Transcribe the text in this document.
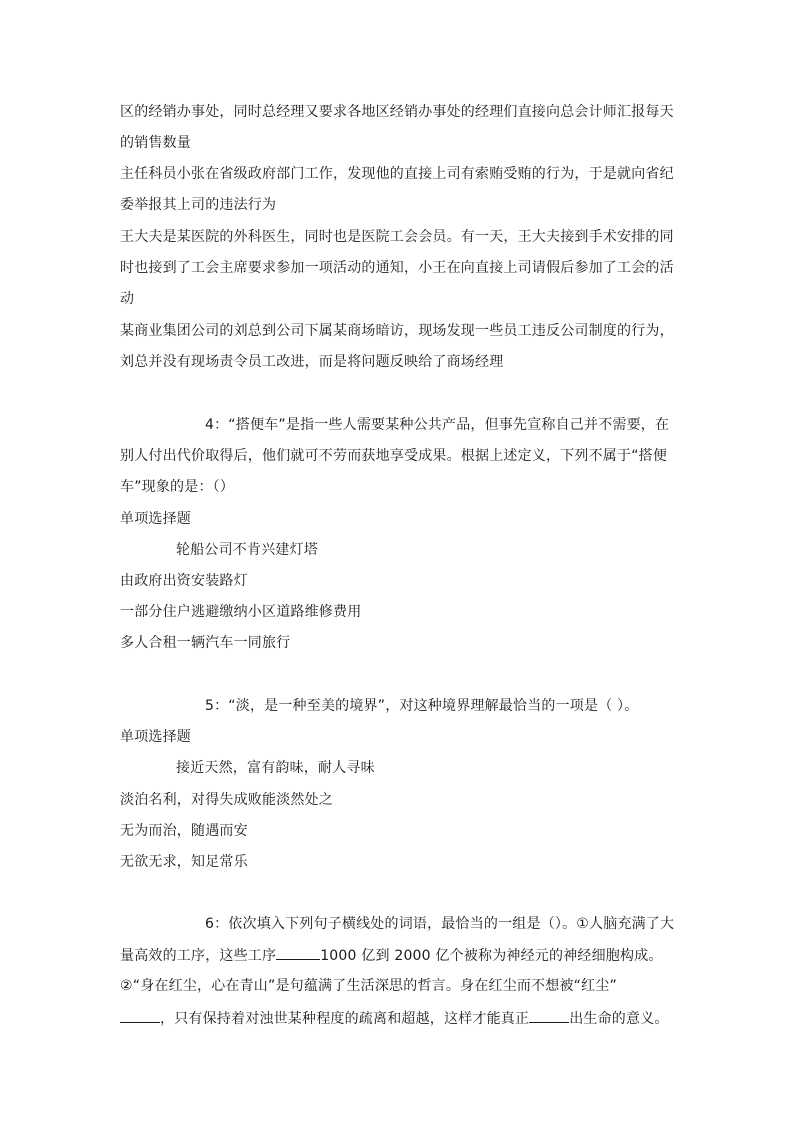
区的经销办事处，同时总经理又要求各地区经销办事处的经理们直接向总会计师汇报每天
的销售数量
主任科员小张在省级政府部门工作，发现他的直接上司有索贿受贿的行为，于是就向省纪
委举报其上司的违法行为
王大夫是某医院的外科医生，同时也是医院工会会员。有一天，王大夫接到手术安排的同
时也接到了工会主席要求参加一项活动的通知，小王在向直接上司请假后参加了工会的活
动
某商业集团公司的刘总到公司下属某商场暗访，现场发现一些员工违反公司制度的行为，
刘总并没有现场责令员工改进，而是将问题反映给了商场经理
4：“搭便车”是指一些人需要某种公共产品，但事先宣称自己并不需要，在
别人付出代价取得后，他们就可不劳而获地享受成果。根据上述定义，下列不属于“搭便
车”现象的是：（）
单项选择题
轮船公司不肯兴建灯塔
由政府出资安装路灯
一部分住户逃避缴纳小区道路维修费用
多人合租一辆汽车一同旅行
5：“淡，是一种至美的境界”，对这种境界理解最恰当的一项是（ ）。
单项选择题
接近天然，富有韵味，耐人寻味
淡泊名利，对得失成败能淡然处之
无为而治，随遇而安
无欲无求，知足常乐
6：依次填入下列句子横线处的词语，最恰当的一组是（）。①人脑充满了大
量高效的工序，这些工序	1000 亿到 2000 亿个被称为神经元的神经细胞构成。
②“身在红尘，心在青山”是句蕴满了生活深思的哲言。身在红尘而不想被“红尘”
，只有保持着对浊世某种程度的疏离和超越，这样才能真正	出生命的意义。
